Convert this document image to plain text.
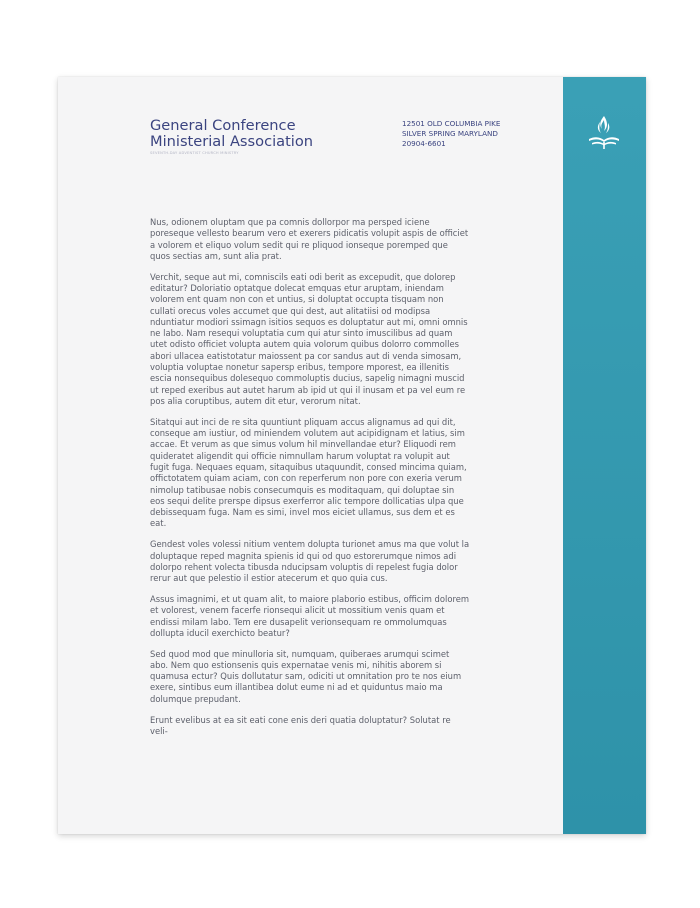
General Conference
Ministerial Association
SEVENTH-DAY ADVENTIST CHURCH MINISTRY
12501 OLD COLUMBIA PIKE
SILVER SPRING MARYLAND
20904-6601

Nus, odionem oluptam que pa comnis dollorpor ma persped iciene poreseque vellesto bearum vero et exerers pidicatis volupit aspis de officiet a volorem et eliquo volum sedit qui re pliquod ionseque porempеd que quos sectias am, sunt alia prat.

Verchit, seque aut mi, comniscils eati odi berit as excepudit, que dolorep editatur? Doloriatio optatque dolecat emquas etur aruptam, iniendam volorem ent quam non con et untius, si doluptat occupta tisquam non cullati orecus voles accumet que qui dest, aut alitatiisi od modipsa nduntiatur modiori ssimagn isitios sequos es doluptatur aut mi, omni omnis ne labo. Nam resequi voluptatia cum qui atur sinto imuscilibus ad quam utet odisto officiet voluptа autem quia volorum quibus dolorro commolles abori ullacea eatistotatur maiossent pa cor sandus aut di venda simosam, voluptia voluptae nonetur sapersp eribus, tempore mporest, ea illenitis escia nonsequibus dolesequo commoluptis ducius, sapelig nimagni muscid ut reped exeribus aut autet harum ab ipid ut qui il inusam et pa vel eum re pos alia coruptibus, autem dit etur, verorum nitat.

Sitatqui aut inci de re sita quuntiunt pliquam accus alignamus ad qui dit, conseque am iustiur, od miniendem volutem aut acipidignam et latius, sim accae. Et verum as que simus volum hil minvellandae etur? Eliquodi rem quideratet aligendit qui officie nimnullam harum voluptat ra volupit aut fugit fuga. Nequaes equam, sitaquibus utaquundit, consed mincima quiam, offictotatem quiam aciam, con con reperferum non pore con exeria verum nimolup tatibusae nobis consecumquis es moditaquam, qui doluptae sin eos sequi delite prerspe dipsus exerferror alic tempore dollicatias ulpa que debissequam fuga. Nam es simi, invel mos eiciet ullamus, sus dem et es eat.

Gendest voles volessi nitium ventem dolupta turionet amus ma que volut la doluptaque reped magnita spienis id qui od quo estorerumque nimos adi dolorpo rehent volecta tibusda nducipsam voluptis di repelest fugia dolor rerur aut que pelestio il estior atecerum et quo quia cus.

Assus imagnimi, et ut quam alit, to maiore plaborio estibus, officim dolorem et volorest, venem facerfe rionsequi alicit ut mossitium venis quam et endissi milam labo. Tem ere dusapelit verionsequam re ommolumquas dollupta iducil exerchicto beatur?

Sed quod mod que minulloria sit, numquam, quiberaes arumqui scimet abo. Nem quo estionsenis quis expernatae venis mi, nihitis aborem si quamusa ectur? Quis dollutatur sam, odiciti ut omnitation pro te nos eium exere, sintibus eum illantibea dolut eume ni ad et quiduntus maio ma dolumque prepudant.

Erunt evelibus at ea sit eati cone enis deri quatia doluptatur? Solutat re veli-
